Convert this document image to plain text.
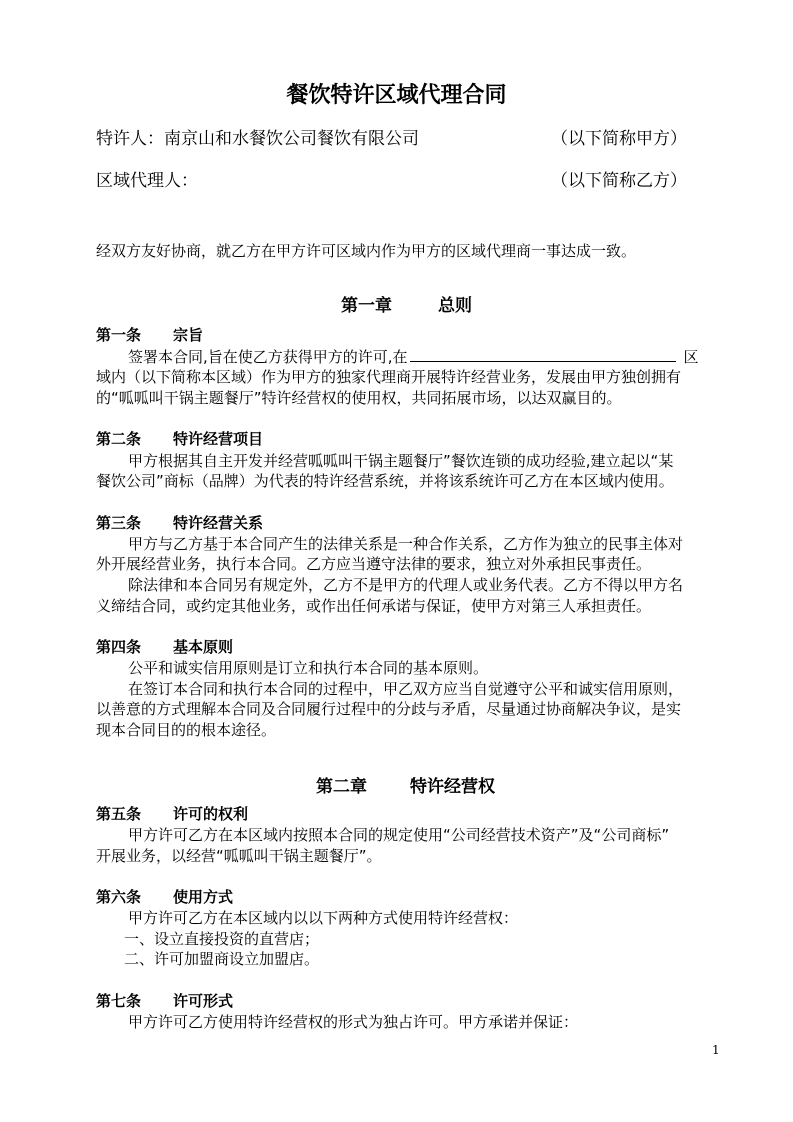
餐饮特许区域代理合同
特许人：南京山和水餐饮公司餐饮有限公司	（以下简称甲方）
区域代理人：	（以下简称乙方）
经双方友好协商，就乙方在甲方许可区域内作为甲方的区域代理商一事达成一致。
第一章	总则
第一条 宗旨
签署本合同,旨在使乙方获得甲方的许可,在	区
域内（以下简称本区域）作为甲方的独家代理商开展特许经营业务，发展由甲方独创拥有
的“呱呱叫干锅主题餐厅”特许经营权的使用权，共同拓展市场，以达双赢目的。
第二条 特许经营项目
甲方根据其自主开发并经营呱呱叫干锅主题餐厅”餐饮连锁的成功经验,建立起以“某
餐饮公司”商标（品牌）为代表的特许经营系统，并将该系统许可乙方在本区域内使用。
第三条 特许经营关系
甲方与乙方基于本合同产生的法律关系是一种合作关系，乙方作为独立的民事主体对
外开展经营业务，执行本合同。乙方应当遵守法律的要求，独立对外承担民事责任。
除法律和本合同另有规定外，乙方不是甲方的代理人或业务代表。乙方不得以甲方名
义缔结合同，或约定其他业务，或作出任何承诺与保证，使甲方对第三人承担责任。
第四条 基本原则
公平和诚实信用原则是订立和执行本合同的基本原则。
在签订本合同和执行本合同的过程中，甲乙双方应当自觉遵守公平和诚实信用原则，
以善意的方式理解本合同及合同履行过程中的分歧与矛盾，尽量通过协商解决争议，是实
现本合同目的的根本途径。
第二章	特许经营权
第五条 许可的权利
甲方许可乙方在本区域内按照本合同的规定使用“公司经营技术资产”及“公司商标”
开展业务，以经营“呱呱叫干锅主题餐厅”。
第六条 使用方式
甲方许可乙方在本区域内以以下两种方式使用特许经营权：
一、设立直接投资的直营店；
二、许可加盟商设立加盟店。
第七条 许可形式
甲方许可乙方使用特许经营权的形式为独占许可。甲方承诺并保证：
1
